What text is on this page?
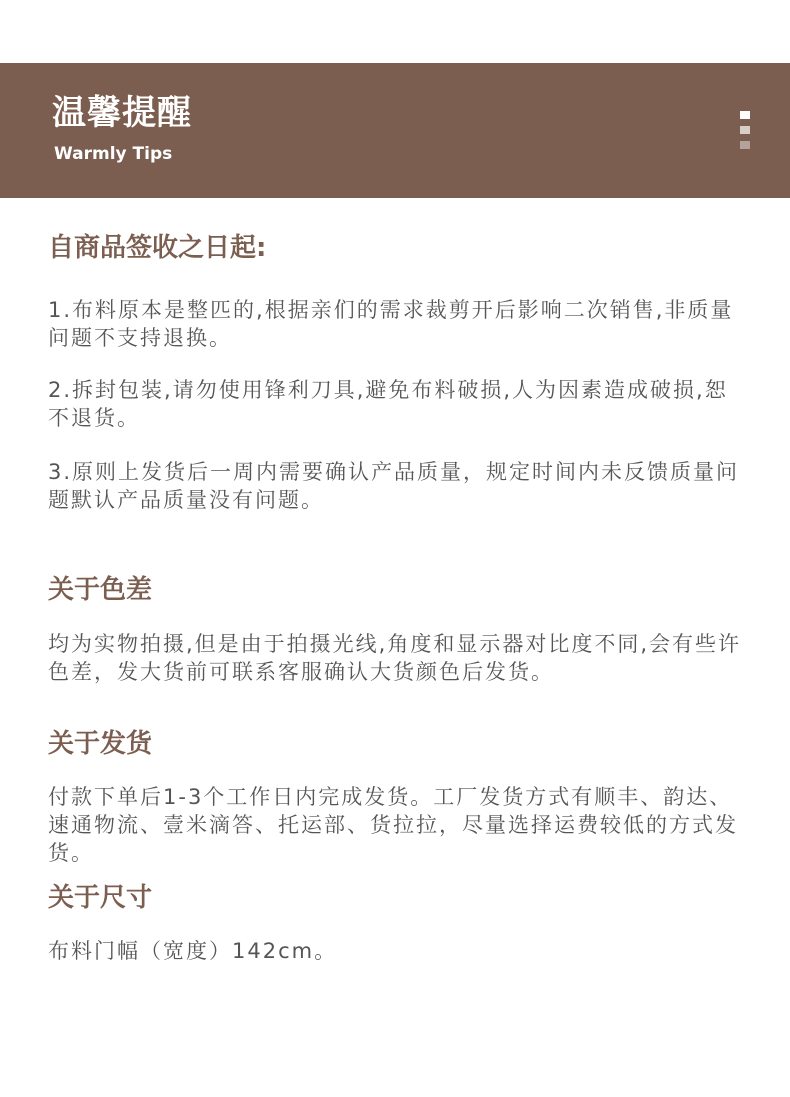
温馨提醒
Warmly Tips
自商品签收之日起:

1.布料原本是整匹的,根据亲们的需求裁剪开后影响二次销售,非质量问题不支持退换。

2.拆封包装,请勿使用锋利刀具,避免布料破损,人为因素造成破损,恕不退货。

3.原则上发货后一周内需要确认产品质量，规定时间内未反馈质量问题默认产品质量没有问题。

关于色差

均为实物拍摄,但是由于拍摄光线,角度和显示器对比度不同,会有些许色差，发大货前可联系客服确认大货颜色后发货。

关于发货

付款下单后1-3个工作日内完成发货。工厂发货方式有顺丰、韵达、速通物流、壹米滴答、托运部、货拉拉，尽量选择运费较低的方式发货。

关于尺寸

布料门幅（宽度）142cm。
